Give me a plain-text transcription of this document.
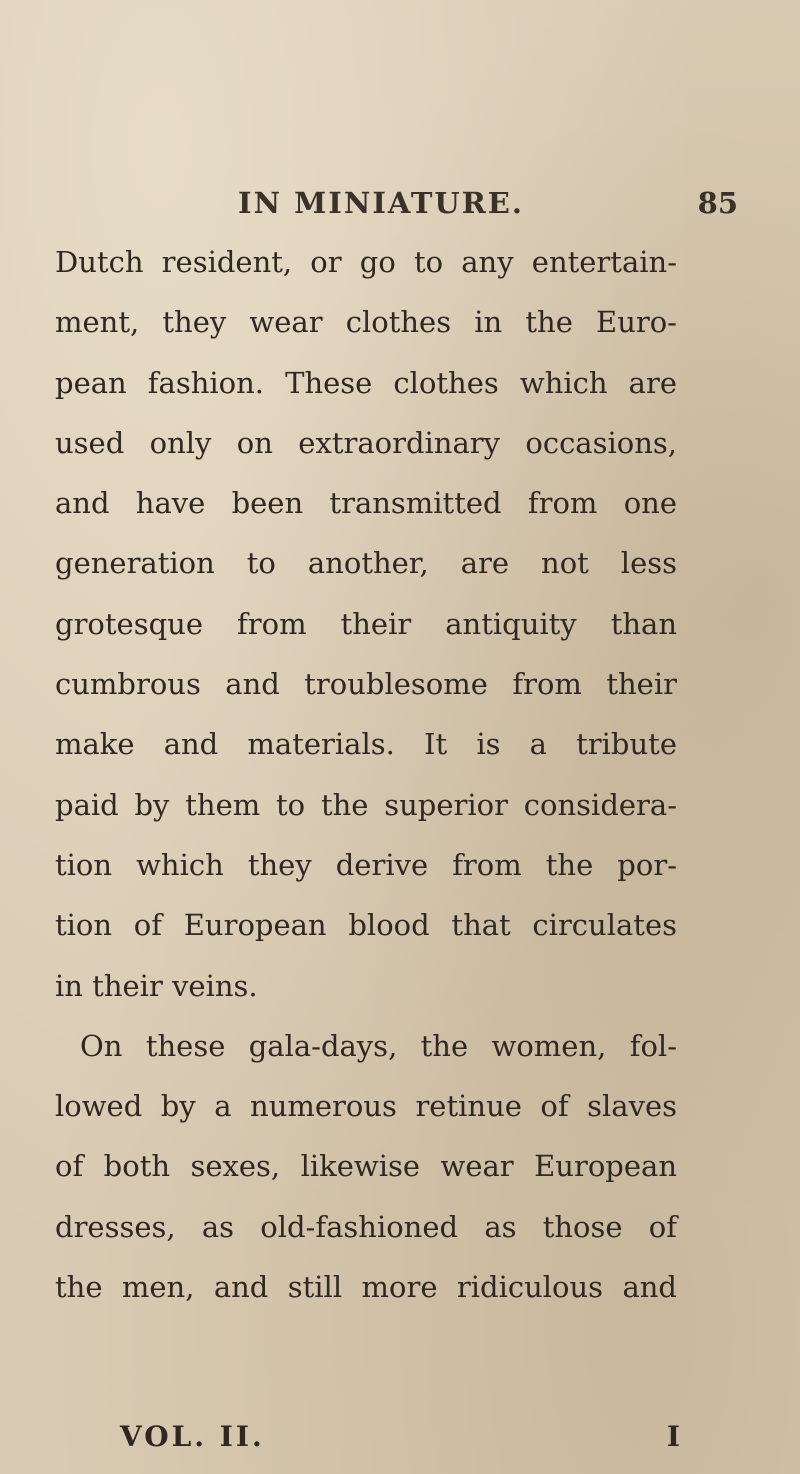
IN MINIATURE.	85
Dutch resident, or go to any entertain-
ment, they wear clothes in the Euro-
pean fashion. These clothes which are
used only on extraordinary occasions,
and have been transmitted from one
generation to another, are not less
grotesque from their antiquity than
cumbrous and troublesome from their
make and materials. It is a tribute
paid by them to the superior considera-
tion which they derive from the por-
tion of European blood that circulates
in their veins.
On these gala-days, the women, fol-
lowed by a numerous retinue of slaves
of both sexes, likewise wear European
dresses, as old-fashioned as those of
the men, and still more ridiculous and
VOL. II.	I
